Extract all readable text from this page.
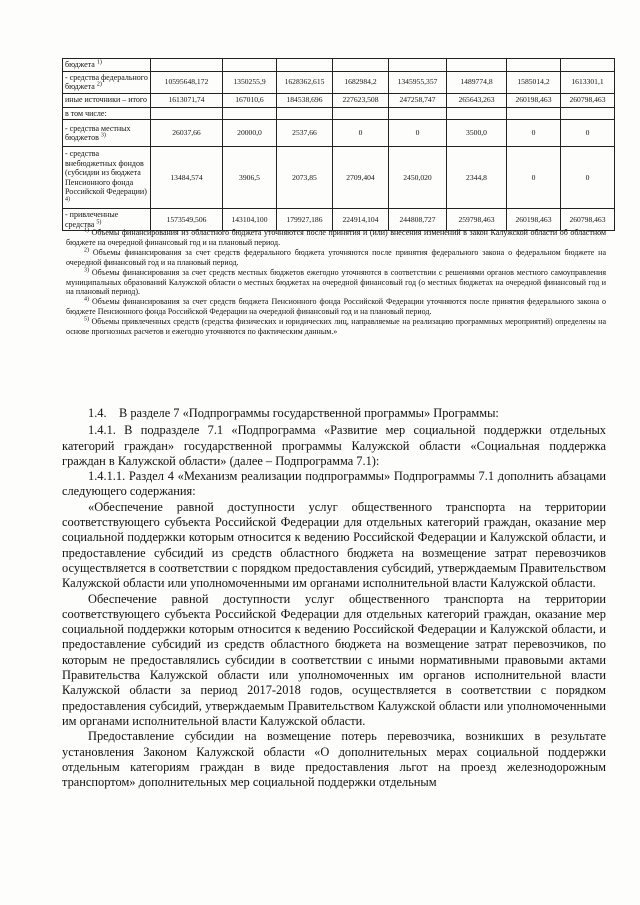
бюджета $^{1)}$								
- средства федерального бюджета $^{2)}$	10595648,172	1350255,9	1628362,615	1682984,2	1345955,357	1489774,8	1585014,2	1613301,1
иные источники – итого	1613071,74	167010,6	184538,696	227623,508	247258,747	265643,263	260198,463	260798,463
в том числе:								
- средства местных бюджетов $^{3)}$	26037,66	20000,0	2537,66	0	0	3500,0	0	0
- средства внебюджетных фондов (субсидии из бюджета Пенсионного фонда Российской Федерации) $^{4)}$	13484,574	3906,5	2073,85	2709,404	2450,020	2344,8	0	0
- привлеченные средства $^{5)}$	1573549,506	143104,100	179927,186	224914,104	244808,727	259798,463	260198,463	260798,463

$^{1)}$ Объемы финансирования из областного бюджета уточняются после принятия и (или) внесения изменений в закон Калужской области об областном бюджете на очередной финансовый год и на плановый период.

$^{2)}$ Объемы финансирования за счет средств федерального бюджета уточняются после принятия федерального закона о федеральном бюджете на очередной финансовый год и на плановый период.

$^{3)}$ Объемы финансирования за счет средств местных бюджетов ежегодно уточняются в соответствии с решениями органов местного самоуправления муниципальных образований Калужской области о местных бюджетах на очередной финансовый год (о местных бюджетах на очередной финансовый год и на плановый период).

$^{4)}$ Объемы финансирования за счет средств бюджета Пенсионного фонда Российской Федерации уточняются после принятия федерального закона о бюджете Пенсионного фонда Российской Федерации на очередной финансовый год и на плановый период.

$^{5)}$ Объемы привлеченных средств (средства физических и юридических лиц, направляемые на реализацию программных мероприятий) определены на основе прогнозных расчетов и ежегодно уточняются по фактическим данным.»

1.4.    В разделе 7 «Подпрограммы государственной программы» Программы:

1.4.1. В подразделе 7.1 «Подпрограмма «Развитие мер социальной поддержки отдельных категорий граждан» государственной программы Калужской области «Социальная поддержка граждан в Калужской области» (далее – Подпрограмма 7.1):

1.4.1.1. Раздел 4 «Механизм реализации подпрограммы» Подпрограммы 7.1 дополнить абзацами следующего содержания:

«Обеспечение равной доступности услуг общественного транспорта на территории соответствующего субъекта Российской Федерации для отдельных категорий граждан, оказание мер социальной поддержки которым относится к ведению Российской Федерации и Калужской области, и предоставление субсидий из средств областного бюджета на возмещение затрат перевозчиков осуществляется в соответствии с порядком предоставления субсидий, утверждаемым Правительством Калужской области или уполномоченными им органами исполнительной власти Калужской области.

Обеспечение равной доступности услуг общественного транспорта на территории соответствующего субъекта Российской Федерации для отдельных категорий граждан, оказание мер социальной поддержки которым относится к ведению Российской Федерации и Калужской области, и предоставление субсидий из средств областного бюджета на возмещение затрат перевозчиков, по которым не предоставлялись субсидии в соответствии с иными нормативными правовыми актами Правительства Калужской области или уполномоченных им органов исполнительной власти Калужской области за период 2017-2018 годов, осуществляется в соответствии с порядком предоставления субсидий, утверждаемым Правительством Калужской области или уполномоченными им органами исполнительной власти Калужской области.

Предоставление субсидии на возмещение потерь перевозчика, возникших в результате установления Законом Калужской области «О дополнительных мерах социальной поддержки отдельным категориям граждан в виде предоставления льгот на проезд железнодорожным транспортом» дополнительных мер социальной поддержки отдельным
